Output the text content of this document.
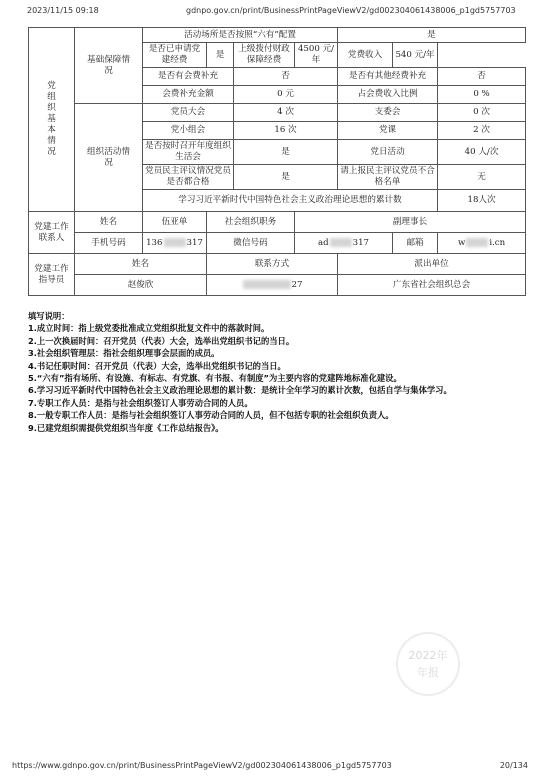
2023/11/15 09:18	gdnpo.gov.cn/print/BusinessPrintPageViewV2/gd002304061438006_p1gd5757703
党组织基本情况	基础保障情况	活动场所是否按照“六有”配置				是		
		是否已申请党建经费	是	上级拨付财政保障经费	4500 元/年	党费收入	540 元/年	
		是否有会费补充		否		是否有其他经费补充		否
		会费补充金额		0 元		占会费收入比例		0 %

	组织活动情况	党员大会		4 次		支委会		0 次
		党小组会		16 次		党课		2 次
		是否按时召开年度组织生活会		是		党日活动		40 人/次
		党员民主评议情况党员是否都合格		是		请上报民主评议党员不合格名单		无
		学习习近平新时代中国特色社会主义政治理论思想的累计数						18人次

党建工作联系人	姓名	伍亚单	社会组织职务		副理事长			
	手机号码	136 317	微信号码		ad 317		邮箱	w i.cn

党建工作指导员	姓名		联系方式			派出单位		
	赵俊欣		27			广东省社会组织总会		

填写说明：

1.成立时间：指上级党委批准成立党组织批复文件中的落款时间。

2.上一次换届时间：召开党员（代表）大会，选举出党组织书记的当日。

3.社会组织管理层：指社会组织理事会层面的成员。

4.书记任职时间：召开党员（代表）大会，选举出党组织书记的当日。

5.“六有”指有场所、有设施、有标志、有党旗、有书报、有制度”为主要内容的党建阵地标准化建设。

6.学习习近平新时代中国特色社会主义政治理论思想的累计数：是统计全年学习的累计次数，包括自学与集体学习。

7.专职工作人员：是指与社会组织签订人事劳动合同的人员。

8.一般专职工作人员：是指与社会组织签订人事劳动合同的人员，但不包括专职的社会组织负责人。

9.已建党组织需提供党组织当年度《工作总结报告》。

2022年
年报
https://www.gdnpo.gov.cn/print/BusinessPrintPageViewV2/gd002304061438006_p1gd5757703	20/134
